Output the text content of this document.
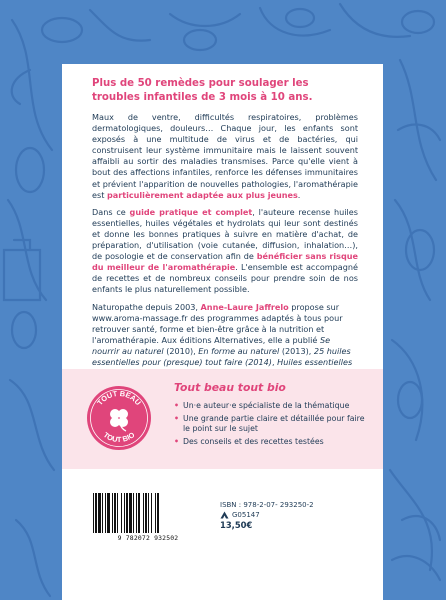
Plus de 50 remèdes pour soulager les troubles infantiles de 3 mois à 10 ans.

Maux de ventre, difficultés respiratoires, problèmes dermatologiques, douleurs… Chaque jour, les enfants sont exposés à une multitude de virus et de bactéries, qui construisent leur système immunitaire mais le laissent souvent affaibli au sortir des maladies transmises. Parce qu'elle vient à bout des affections infantiles, renforce les défenses immunitaires et prévient l'apparition de nouvelles pathologies, l'aromathérapie est particulièrement adaptée aux plus jeunes.

Dans ce guide pratique et complet, l'auteure recense huiles essentielles, huiles végétales et hydrolats qui leur sont destinés et donne les bonnes pratiques à suivre en matière d'achat, de préparation, d'utilisation (voie cutanée, diffusion, inhalation…), de posologie et de conservation afin de bénéficier sans risque du meilleur de l'aromathérapie. L'ensemble est accompagné de recettes et de nombreux conseils pour prendre soin de nos enfants le plus naturellement possible.

Naturopathe depuis 2003, Anne-Laure Jaffrelo propose sur www.aroma-massage.fr des programmes adaptés à tous pour retrouver santé, forme et bien-être grâce à la nutrition et l'aromathérapie. Aux éditions Alternatives, elle a publié Se nourrir au naturel (2010), En forme au naturel (2013), 25 huiles essentielles pour (presque) tout faire (2014), Huiles essentielles

TOUT BEAU
TOUT BIO

Tout beau tout bio

• Un·e auteur·e spécialiste de la thématique
• Une grande partie claire et détaillée pour faire le point sur le sujet
• Des conseils et des recettes testées
9 782072 932502
ISBN : 978-2-07- 293250-2
G05147
13,50€
